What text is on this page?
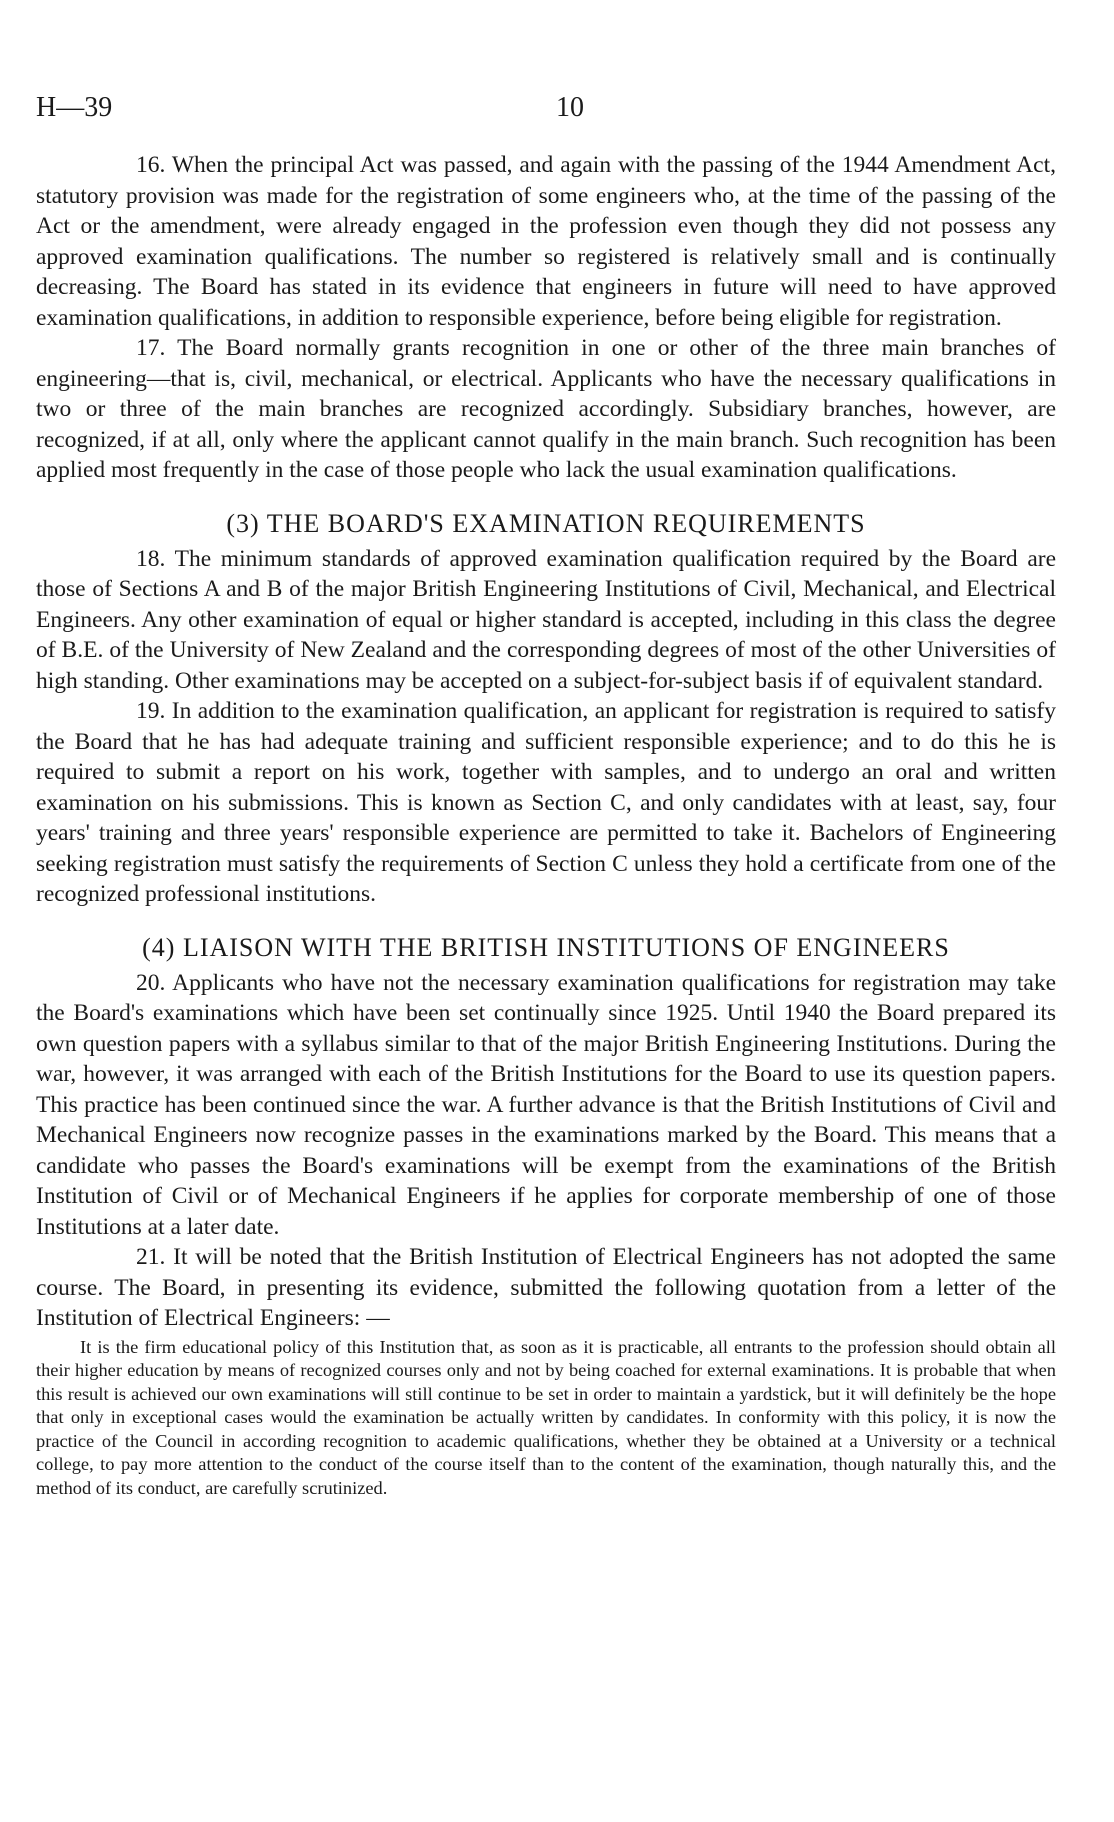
H—39	10

16. When the principal Act was passed, and again with the passing of the 1944 Amendment Act, statutory provision was made for the registration of some engineers who, at the time of the passing of the Act or the amendment, were already engaged in the profession even though they did not possess any approved examination qualifications. The number so registered is relatively small and is continually decreasing. The Board has stated in its evidence that engineers in future will need to have approved examination qualifications, in addition to responsible experience, before being eligible for registration.

17. The Board normally grants recognition in one or other of the three main branches of engineering—that is, civil, mechanical, or electrical. Applicants who have the necessary qualifications in two or three of the main branches are recognized accordingly. Subsidiary branches, however, are recognized, if at all, only where the applicant cannot qualify in the main branch. Such recognition has been applied most frequently in the case of those people who lack the usual examination qualifications.

(3) THE BOARD'S EXAMINATION REQUIREMENTS

18. The minimum standards of approved examination qualification required by the Board are those of Sections A and B of the major British Engineering Institutions of Civil, Mechanical, and Electrical Engineers. Any other examination of equal or higher standard is accepted, including in this class the degree of B.E. of the University of New Zealand and the corresponding degrees of most of the other Universities of high standing. Other examinations may be accepted on a subject-for-subject basis if of equivalent standard.

19. In addition to the examination qualification, an applicant for registration is required to satisfy the Board that he has had adequate training and sufficient responsible experience; and to do this he is required to submit a report on his work, together with samples, and to undergo an oral and written examination on his submissions. This is known as Section C, and only candidates with at least, say, four years' training and three years' responsible experience are permitted to take it. Bachelors of Engineering seeking registration must satisfy the requirements of Section C unless they hold a certificate from one of the recognized professional institutions.

(4) LIAISON WITH THE BRITISH INSTITUTIONS OF ENGINEERS

20. Applicants who have not the necessary examination qualifications for registration may take the Board's examinations which have been set continually since 1925. Until 1940 the Board prepared its own question papers with a syllabus similar to that of the major British Engineering Institutions. During the war, however, it was arranged with each of the British Institutions for the Board to use its question papers. This practice has been continued since the war. A further advance is that the British Institutions of Civil and Mechanical Engineers now recognize passes in the examinations marked by the Board. This means that a candidate who passes the Board's examinations will be exempt from the examinations of the British Institution of Civil or of Mechanical Engineers if he applies for corporate membership of one of those Institutions at a later date.

21. It will be noted that the British Institution of Electrical Engineers has not adopted the same course. The Board, in presenting its evidence, submitted the following quotation from a letter of the Institution of Electrical Engineers: —

It is the firm educational policy of this Institution that, as soon as it is practicable, all entrants to the profession should obtain all their higher education by means of recognized courses only and not by being coached for external examinations. It is probable that when this result is achieved our own examinations will still continue to be set in order to maintain a yardstick, but it will definitely be the hope that only in exceptional cases would the examination be actually written by candidates. In conformity with this policy, it is now the practice of the Council in according recognition to academic qualifications, whether they be obtained at a University or a technical college, to pay more attention to the conduct of the course itself than to the content of the examination, though naturally this, and the method of its conduct, are carefully scrutinized.
